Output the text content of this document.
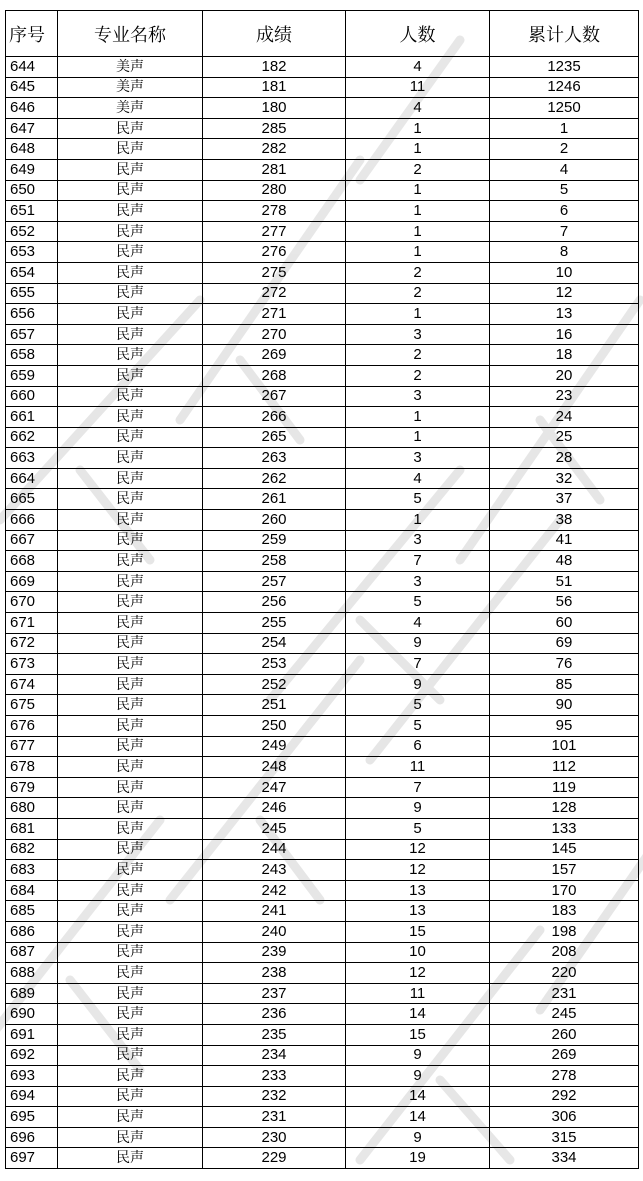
序号	专业名称	成绩	人数	累计人数
644	美声	182	4	1235
645	美声	181	11	1246
646	美声	180	4	1250
647	民声	285	1	1
648	民声	282	1	2
649	民声	281	2	4
650	民声	280	1	5
651	民声	278	1	6
652	民声	277	1	7
653	民声	276	1	8
654	民声	275	2	10
655	民声	272	2	12
656	民声	271	1	13
657	民声	270	3	16
658	民声	269	2	18
659	民声	268	2	20
660	民声	267	3	23
661	民声	266	1	24
662	民声	265	1	25
663	民声	263	3	28
664	民声	262	4	32
665	民声	261	5	37
666	民声	260	1	38
667	民声	259	3	41
668	民声	258	7	48
669	民声	257	3	51
670	民声	256	5	56
671	民声	255	4	60
672	民声	254	9	69
673	民声	253	7	76
674	民声	252	9	85
675	民声	251	5	90
676	民声	250	5	95
677	民声	249	6	101
678	民声	248	11	112
679	民声	247	7	119
680	民声	246	9	128
681	民声	245	5	133
682	民声	244	12	145
683	民声	243	12	157
684	民声	242	13	170
685	民声	241	13	183
686	民声	240	15	198
687	民声	239	10	208
688	民声	238	12	220
689	民声	237	11	231
690	民声	236	14	245
691	民声	235	15	260
692	民声	234	9	269
693	民声	233	9	278
694	民声	232	14	292
695	民声	231	14	306
696	民声	230	9	315
697	民声	229	19	334
